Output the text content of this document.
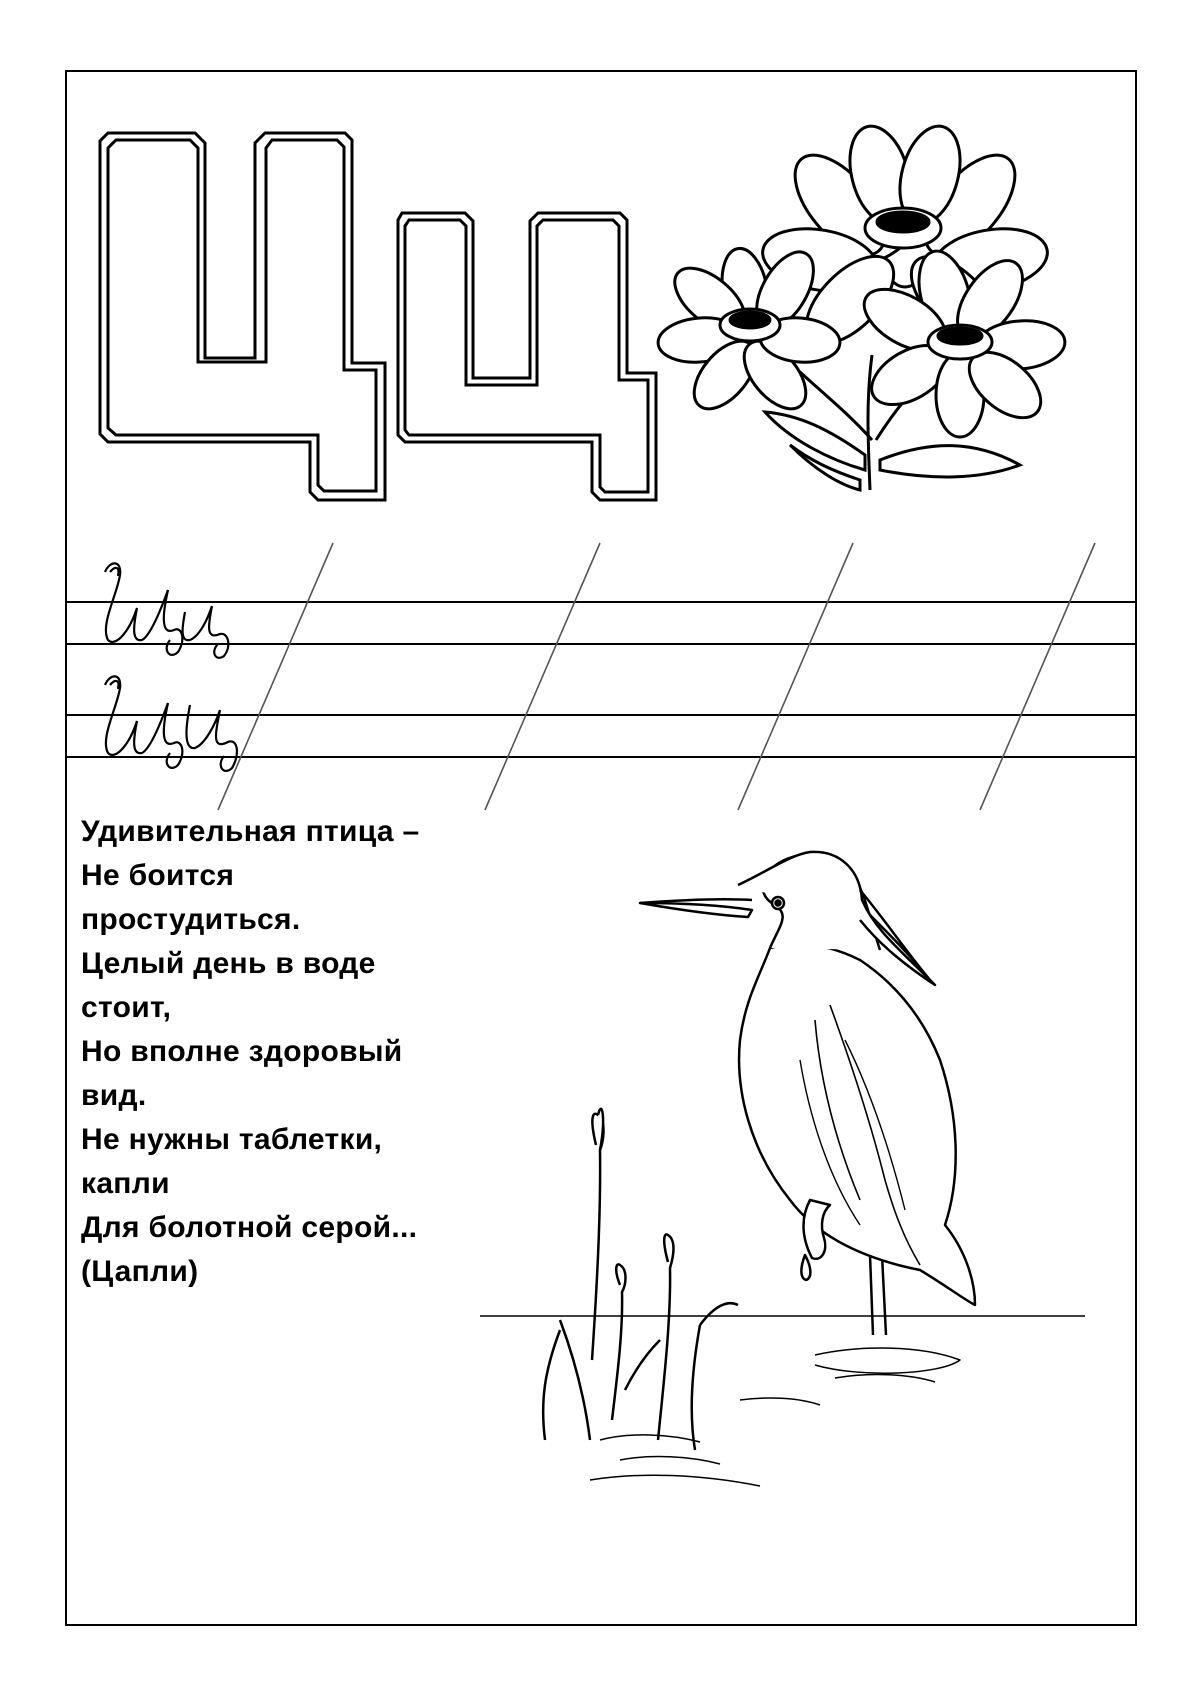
Удивительная птица –
Не боится
простудиться.
Целый день в воде
стоит,
Но вполне здоровый
вид.
Не нужны таблетки,
капли
Для болотной серой...
(Цапли)
